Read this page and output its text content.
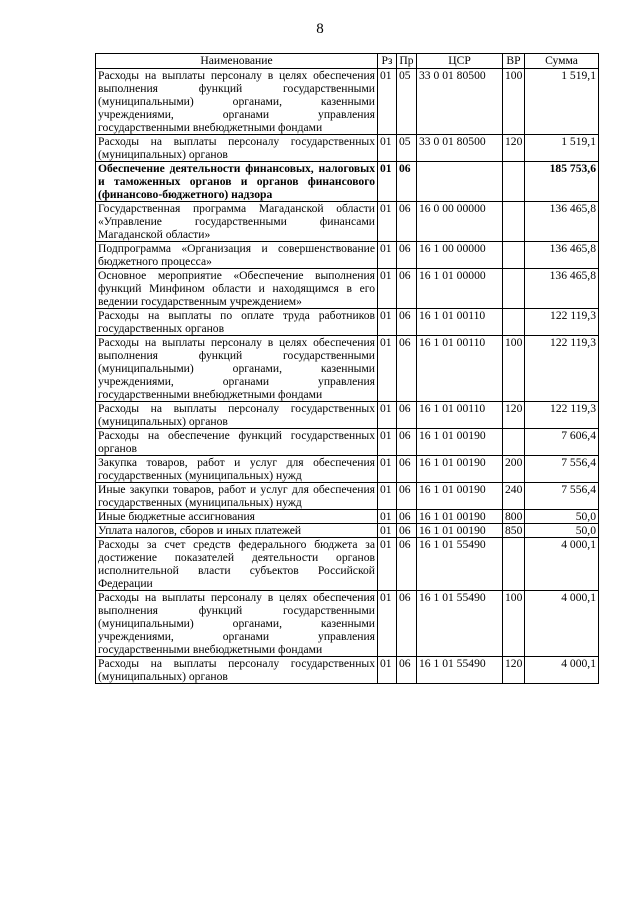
8
Наименование	Рз	Пр	ЦСР	ВР	Сумма
Расходы на выплаты персоналу в целях обеспечения выполнения функций государственными (муниципальными) органами, казенными учреждениями, органами управления государственными внебюджетными фондами	01	05	33 0 01 80500	100	1 519,1
Расходы на выплаты персоналу государственных (муниципальных) органов	01	05	33 0 01 80500	120	1 519,1
Обеспечение деятельности финансовых, налоговых и таможенных органов и органов финансового (финансово-бюджетного) надзора	01	06			185 753,6
Государственная программа Магаданской области «Управление государственными финансами Магаданской области»	01	06	16 0 00 00000		136 465,8
Подпрограмма «Организация и совершенствование бюджетного процесса»	01	06	16 1 00 00000		136 465,8
Основное мероприятие «Обеспечение выполнения функций Минфином области и находящимся в его ведении государственным учреждением»	01	06	16 1 01 00000		136 465,8
Расходы на выплаты по оплате труда работников государственных органов	01	06	16 1 01 00110		122 119,3
Расходы на выплаты персоналу в целях обеспечения выполнения функций государственными (муниципальными) органами, казенными учреждениями, органами управления государственными внебюджетными фондами	01	06	16 1 01 00110	100	122 119,3
Расходы на выплаты персоналу государственных (муниципальных) органов	01	06	16 1 01 00110	120	122 119,3
Расходы на обеспечение функций государственных органов	01	06	16 1 01 00190		7 606,4
Закупка товаров, работ и услуг для обеспечения государственных (муниципальных) нужд	01	06	16 1 01 00190	200	7 556,4
Иные закупки товаров, работ и услуг для обеспечения государственных (муниципальных) нужд	01	06	16 1 01 00190	240	7 556,4
Иные бюджетные ассигнования	01	06	16 1 01 00190	800	50,0
Уплата налогов, сборов и иных платежей	01	06	16 1 01 00190	850	50,0
Расходы за счет средств федерального бюджета за достижение показателей деятельности органов исполнительной власти субъектов Российской Федерации	01	06	16 1 01 55490		4 000,1
Расходы на выплаты персоналу в целях обеспечения выполнения функций государственными (муниципальными) органами, казенными учреждениями, органами управления государственными внебюджетными фондами	01	06	16 1 01 55490	100	4 000,1
Расходы на выплаты персоналу государственных (муниципальных) органов	01	06	16 1 01 55490	120	4 000,1
